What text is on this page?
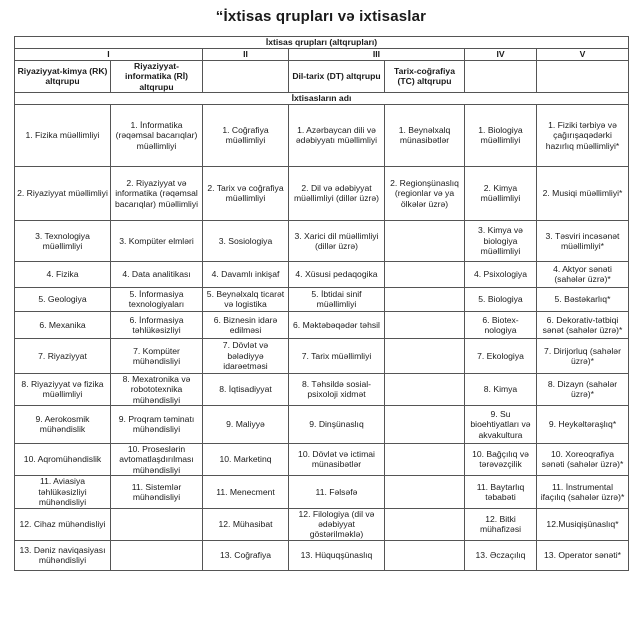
“İxtisas qrupları və ixtisaslar
İxtisas qrupları (altqrupları)						
I		II	III		IV	V
Riyaziyyat-kimya (RK) altqrupu	Riyaziyyat-informatika (Rİ) altqrupu		Dil-tarix (DT) altqrupu	Tarix-coğrafiya (TC) altqrupu		
İxtisasların adı						
1. Fizika müəllimliyi	1. İnformatika (rəqəmsal bacarıqlar) müəllimliyi	1. Coğrafiya müəllimliyi	1. Azərbaycan dili və ədəbiyyatı müəllimliyi	1. Beynəlxalq münasibətlər	1. Biologiya müəllimliyi	1. Fiziki tərbiyə və çağırışaqədərki hazırlıq müəllimliyi*
2. Riyaziyyat müəllimliyi	2. Riyaziyyat və informatika (rəqəmsal bacarıqlar) müəllimliyi	2. Tarix və coğrafiya müəllimliyi	2. Dil və ədəbiyyat müəllimliyi (dillər üzrə)	2. Regionşünaslıq (regionlar və ya ölkələr üzrə)	2. Kimya müəllimliyi	2. Musiqi müəllimliyi*
3. Texnologiya müəllimliyi	3. Kompüter elmləri	3. Sosiologiya	3. Xarici dil müəllimliyi (dillər üzrə)		3. Kimya və biologiya müəllimliyi	3. Təsviri incəsənət müəllimliyi*
4. Fizika	4. Data analitikası	4. Davamlı inkişaf	4. Xüsusi pedaqogika		4. Psixologiya	4. Aktyor sənəti (sahələr üzrə)*
5. Geologiya	5. İnformasiya texnologiyaları	5. Beynəlxalq ticarət və logistika	5. İbtidai sinif müəllimliyi		5. Biologiya	5. Bəstəkarlıq*
6. Mexanika	6. İnformasiya təhlükəsizliyi	6. Biznesin idarə edilməsi	6. Məktəbəqədər təhsil		6. Biotex-nologiya	6. Dekorativ-tətbiqi sənət (sahələr üzrə)*
7. Riyaziyyat	7. Kompüter mühəndisliyi	7. Dövlət və bələdiyyə idarəetməsi	7. Tarix müəllimliyi		7. Ekologiya	7. Dirijorluq (sahələr üzrə)*
8. Riyaziyyat və fizika müəllimliyi	8. Mexatronika və robototexnika mühəndisliyi	8. İqtisadiyyat	8. Təhsildə sosial-psixoloji xidmət		8. Kimya	8. Dizayn (sahələr üzrə)*
9. Aerokosmik mühəndislik	9. Proqram təminatı mühəndisliyi	9. Maliyyə	9. Dinşünaslıq		9. Su bioehtiyatları və akvakultura	9. Heykəltəraşlıq*
10. Aqromühəndislik	10. Proseslərin avtomatlaşdırılması mühəndisliyi	10. Marketinq	10. Dövlət və ictimai münasibətlər		10. Bağçılıq və tərəvəzçilik	10. Xoreoqrafiya sənəti (sahələr üzrə)*
11. Aviasiya təhlükəsizliyi mühəndisliyi	11. Sistemlər mühəndisliyi	11. Menecment	11. Fəlsəfə		11. Baytarlıq təbabəti	11. İnstrumental ifaçılıq (sahələr üzrə)*
12. Cihaz mühəndisliyi		12. Mühasibat	12. Filologiya (dil və ədəbiyyat göstərilməklə)		12. Bitki mühafizəsi	12.Musiqişünaslıq*
13. Dəniz naviqasiyası mühəndisliyi		13. Coğrafiya	13. Hüquqşünaslıq		13. Əczaçılıq	13. Operator sənəti*
